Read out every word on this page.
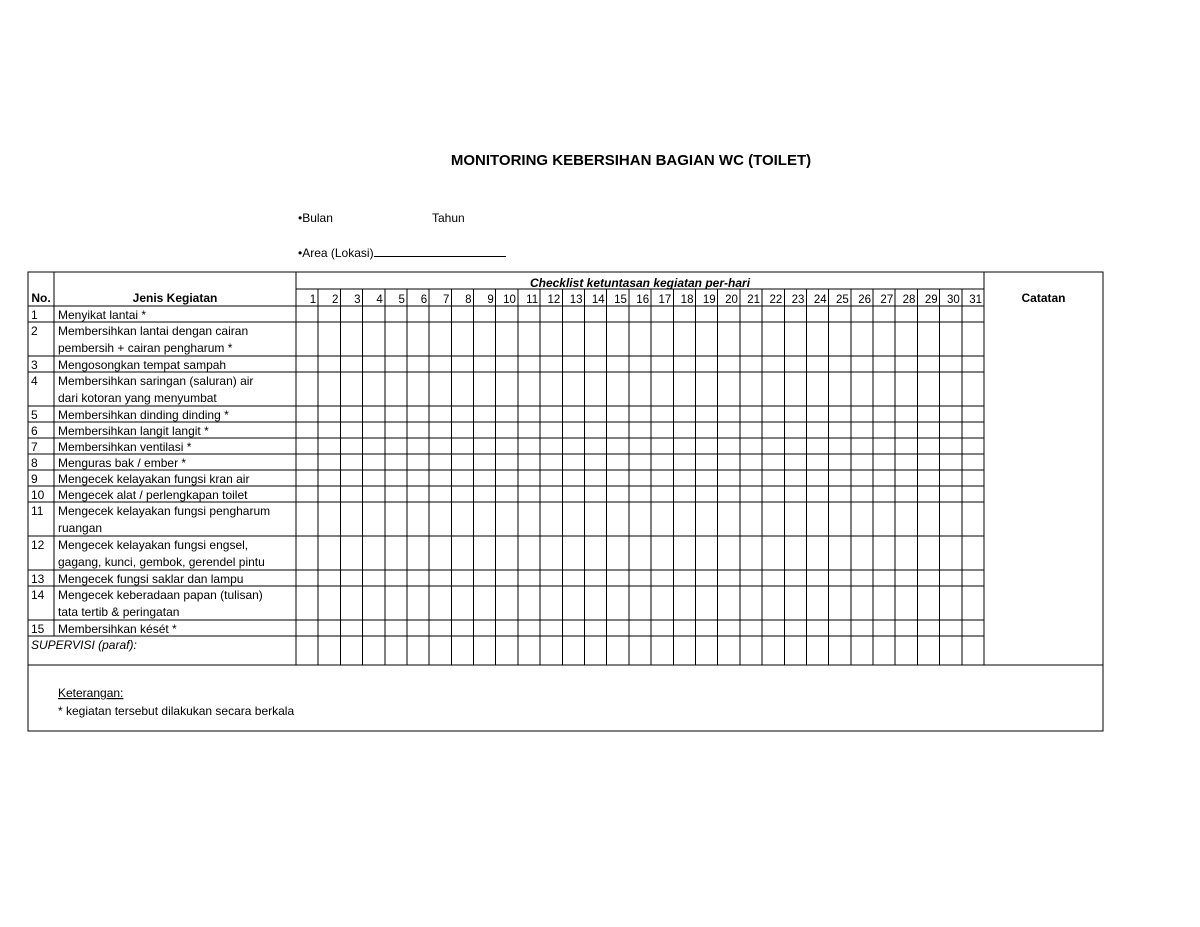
MONITORING KEBERSIHAN BAGIAN WC (TOILET)
•Bulan	Tahun
•Area (Lokasi)
No.	Jenis Kegiatan
Checklist ketuntasan kegiatan per-hari
Catatan
1 2 3 4 5 6 7 8 9 10 11 12 13 14 15 16 17 18 19 20 21 22 23 24 25 26 27 28 29 30 31
1 Menyikat lantai *
2 Membersihkan lantai dengan cairan
pembersih + cairan pengharum *
3 Mengosongkan tempat sampah
4 Membersihkan saringan (saluran) air
dari kotoran yang menyumbat
5 Membersihkan dinding dinding *
6 Membersihkan langit langit *
7 Membersihkan ventilasi *
8 Menguras bak / ember *
9 Mengecek kelayakan fungsi kran air
10 Mengecek alat / perlengkapan toilet
11 Mengecek kelayakan fungsi pengharum
ruangan
12 Mengecek kelayakan fungsi engsel,
gagang, kunci, gembok, gerendel pintu
13 Mengecek fungsi saklar dan lampu
14 Mengecek keberadaan papan (tulisan)
tata tertib & peringatan
15 Membersihkan kését *
SUPERVISI (paraf):
Keterangan:
* kegiatan tersebut dilakukan secara berkala
